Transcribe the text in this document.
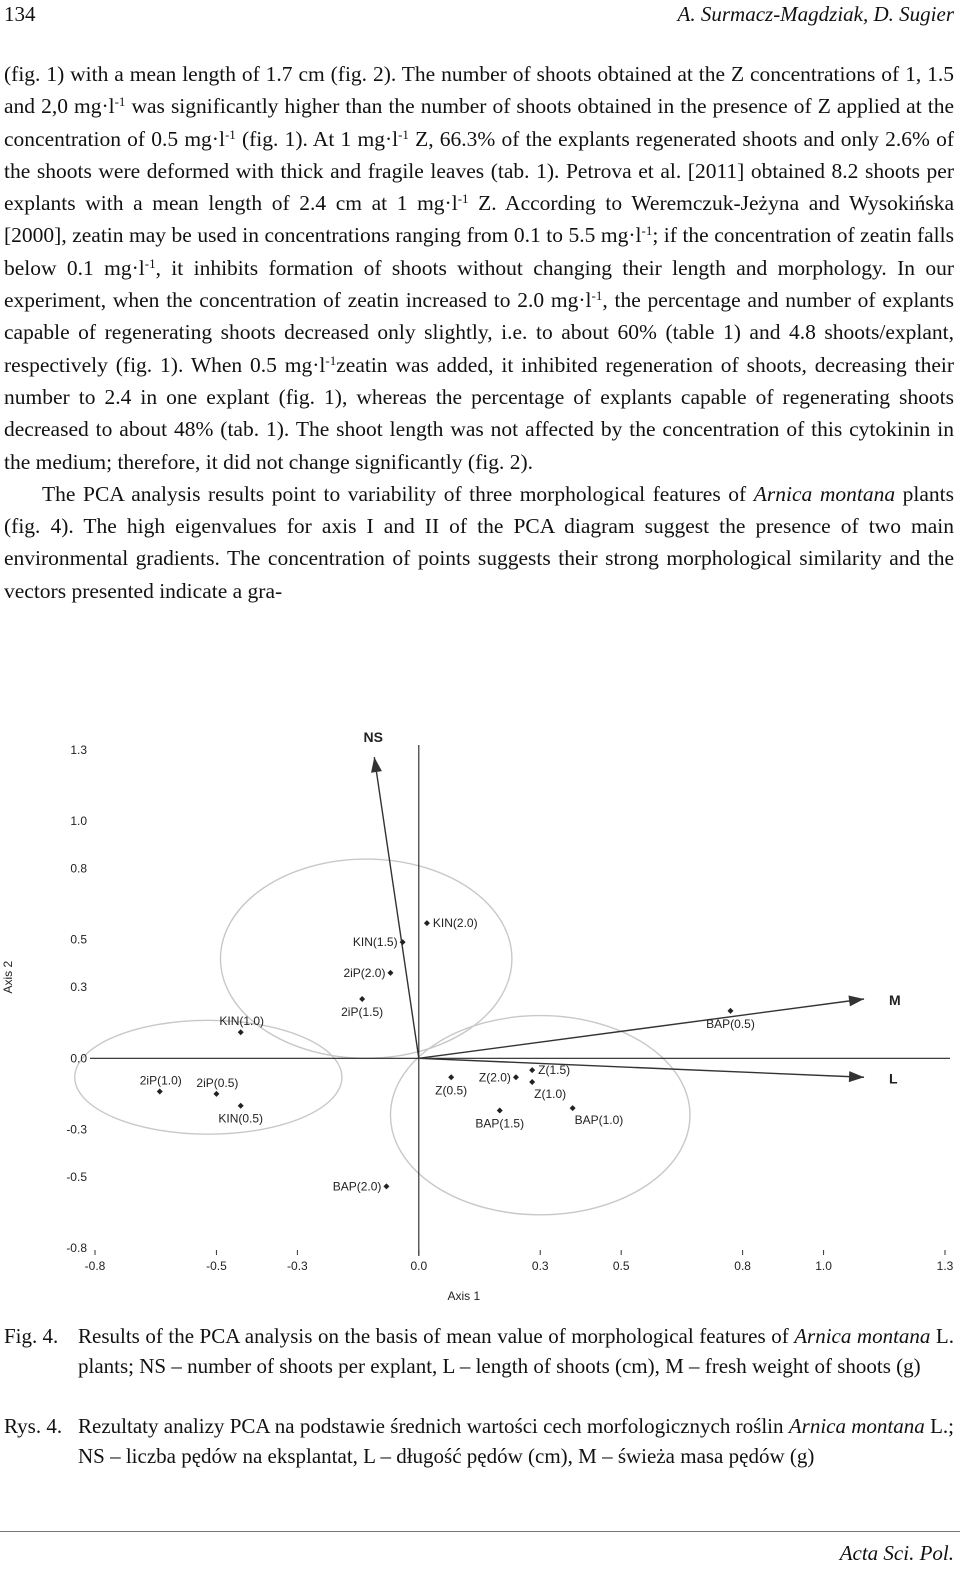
134	A. Surmacz-Magdziak, D. Sugier

(fig. 1) with a mean length of 1.7 cm (fig. 2). The number of shoots obtained at the Z concentrations of 1, 1.5 and 2,0 $mg\cdot l^{-1}$ was significantly higher than the number of shoots obtained in the presence of Z applied at the concentration of 0.5 $mg\cdot l^{-1}$ (fig. 1). At 1 $mg\cdot l^{-1}$ Z, 66.3% of the explants regenerated shoots and only 2.6% of the shoots were deformed with thick and fragile leaves (tab. 1). Petrova et al. [2011] obtained 8.2 shoots per explants with a mean length of 2.4 cm at 1 $mg\cdot l^{-1}$ Z. According to Weremczuk-Jeżyna and Wysokińska [2000], zeatin may be used in concentrations ranging from 0.1 to 5.5 $mg\cdot l^{-1}$; if the concentration of zeatin falls below 0.1 $mg\cdot l^{-1}$, it inhibits formation of shoots without changing their length and morphology. In our experiment, when the concentration of zeatin increased to 2.0 $mg\cdot l^{-1}$, the percentage and number of explants capable of regenerating shoots decreased only slightly, i.e. to about 60% (table 1) and 4.8 shoots/explant, respectively (fig. 1). When 0.5 $mg\cdot l^{-1}zeatin$ was added, it inhibited regeneration of shoots, decreasing their number to 2.4 in one explant (fig. 1), whereas the percentage of explants capable of regenerating shoots decreased to about 48% (tab. 1). The shoot length was not affected by the concentration of this cytokinin in the medium; therefore, it did not change significantly (fig. 2).

The PCA analysis results point to variability of three morphological features of Arnica montana plants (fig. 4). The high eigenvalues for axis I and II of the PCA diagram suggest the presence of two main environmental gradients. The concentration of points suggests their strong morphological similarity and the vectors presented indicate a gra-

-0.8	-0.5	-0.3	0.0	0.3	0.5	0.8	1.0	1.3
1.3
1.0
0.8
0.5
0.3
0.0
-0.3
-0.5
-0.8
Axis 1
Axis 2
NS
M
L
KIN(2.0)
KIN(1.5)
2iP(2.0)
2iP(1.5)
KIN(1.0)	BAP(0.5)
2iP(1.0) 2iP(0.5)
KIN(0.5)
Z(0.5)
Z(2.0)
Z(1.5)
Z(1.0)
BAP(1.5)	BAP(1.0)
BAP(2.0)
Fig. 4. Results of the PCA analysis on the basis of mean value of morphological features of Arnica montana L. plants; NS – number of shoots per explant, L – length of shoots (cm), M – fresh weight of shoots (g)
Rys. 4. Rezultaty analizy PCA na podstawie średnich wartości cech morfologicznych roślin Arnica montana L.; NS – liczba pędów na eksplantat, L – długość pędów (cm), M – świeża masa pędów (g)
Acta Sci. Pol.
